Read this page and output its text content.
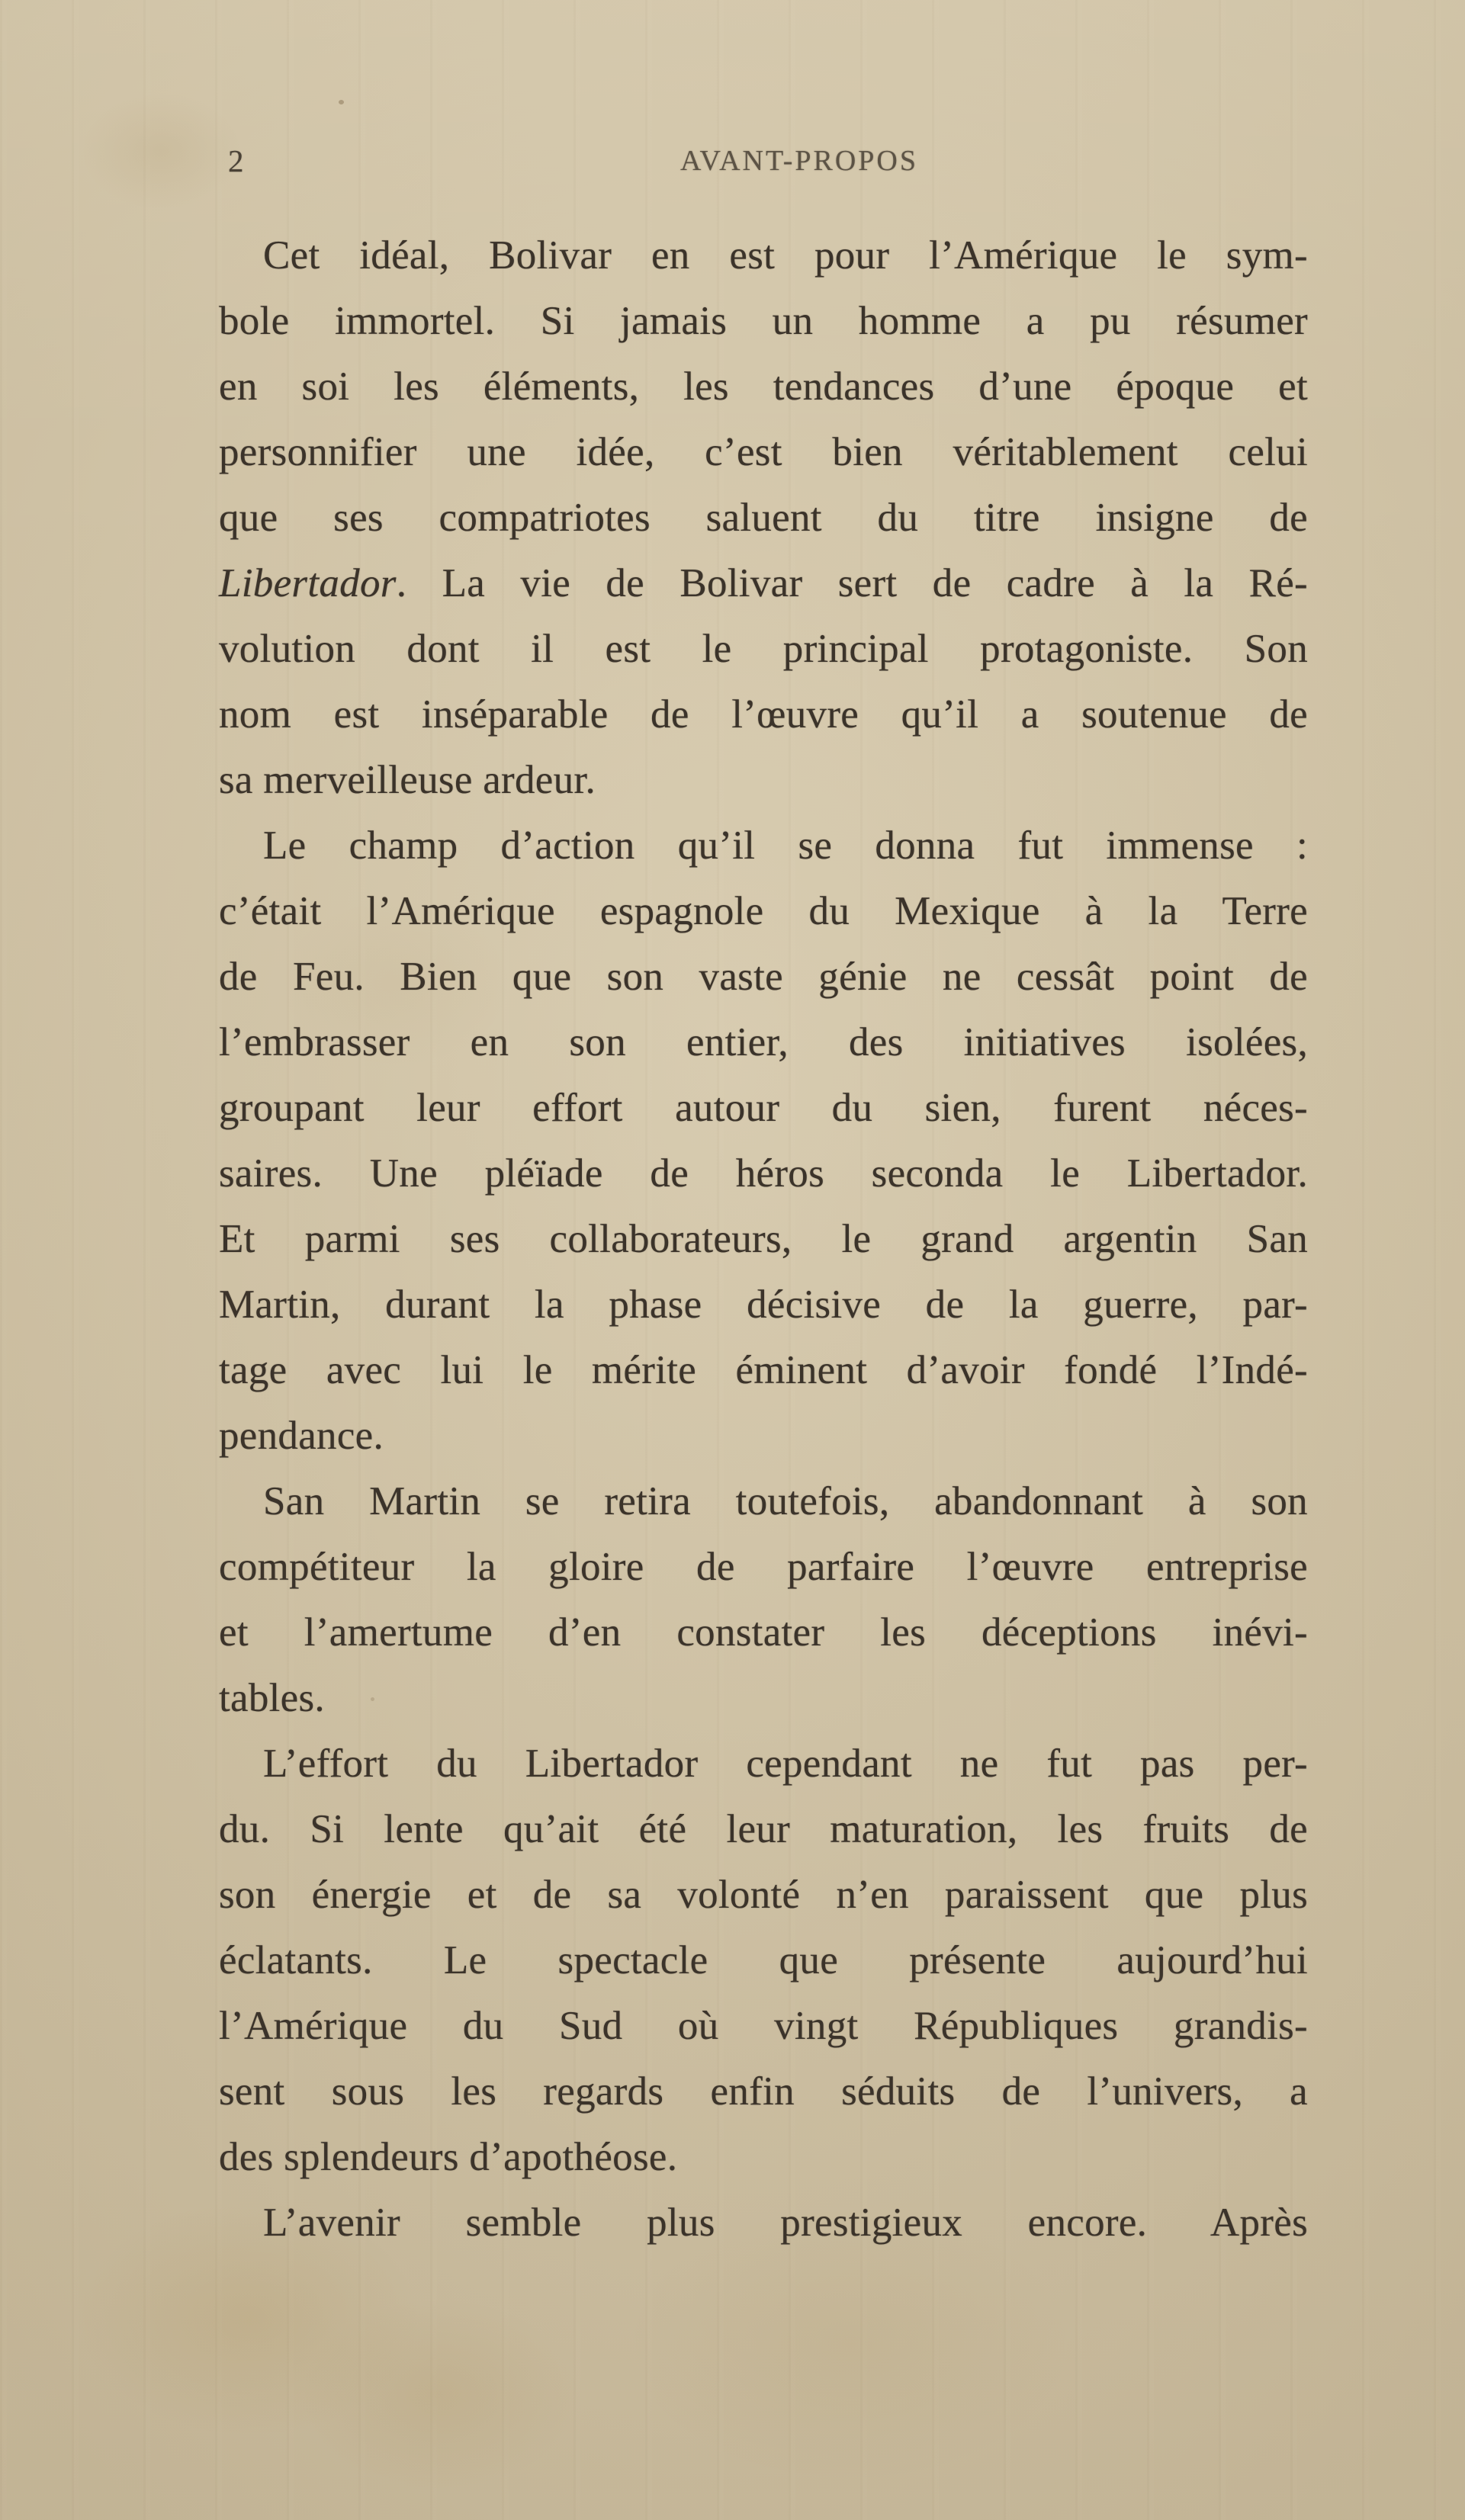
2	AVANT-PROPOS
Cet idéal, Bolivar en est pour l’Amérique le sym-
bole immortel. Si jamais un homme a pu résumer
en soi les éléments, les tendances d’une époque et
personnifier une idée, c’est bien véritablement celui
que ses compatriotes saluent du titre insigne de
Libertador. La vie de Bolivar sert de cadre à la Ré-
volution dont il est le principal protagoniste. Son
nom est inséparable de l’œuvre qu’il a soutenue de
sa merveilleuse ardeur.
Le champ d’action qu’il se donna fut immense :
c’était l’Amérique espagnole du Mexique à la Terre
de Feu. Bien que son vaste génie ne cessât point de
l’embrasser en son entier, des initiatives isolées,
groupant leur effort autour du sien, furent néces-
saires. Une pléïade de héros seconda le Libertador.
Et parmi ses collaborateurs, le grand argentin San
Martin, durant la phase décisive de la guerre, par-
tage avec lui le mérite éminent d’avoir fondé l’Indé-
pendance.
San Martin se retira toutefois, abandonnant à son
compétiteur la gloire de parfaire l’œuvre entreprise
et l’amertume d’en constater les déceptions inévi-
tables.
L’effort du Libertador cependant ne fut pas per-
du. Si lente qu’ait été leur maturation, les fruits de
son énergie et de sa volonté n’en paraissent que plus
éclatants. Le spectacle que présente aujourd’hui
l’Amérique du Sud où vingt Républiques grandis-
sent sous les regards enfin séduits de l’univers, a
des splendeurs d’apothéose.
L’avenir semble plus prestigieux encore. Après
